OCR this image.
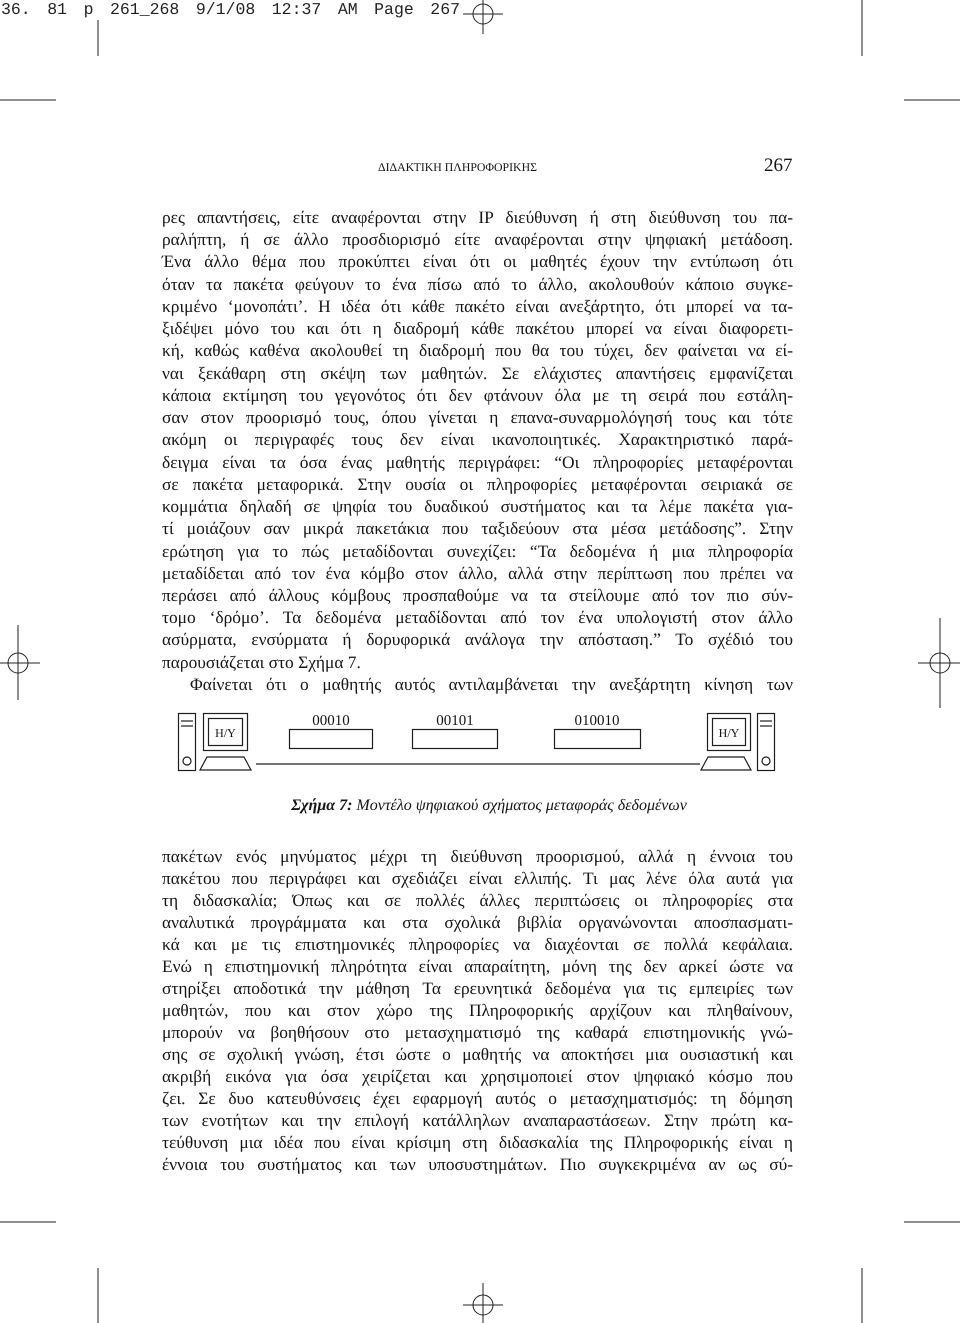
36. 81 p 261_268 9/1/08 12:37 AM Page 267
ΔΙΔΑΚΤΙΚΗ ΠΛΗΡΟΦΟΡΙΚΗΣ	267
ρες απαντήσεις, είτε αναφέρονται στην IP διεύθυνση ή στη διεύθυνση του πα-
ραλήπτη, ή σε άλλο προσδιορισμό είτε αναφέρονται στην ψηφιακή μετάδοση.
Ένα άλλο θέμα που προκύπτει είναι ότι οι μαθητές έχουν την εντύπωση ότι
όταν τα πακέτα φεύγουν το ένα πίσω από το άλλο, ακολουθούν κάποιο συγκε-
κριμένο ‘μονοπάτι’. Η ιδέα ότι κάθε πακέτο είναι ανεξάρτητο, ότι μπορεί να τα-
ξιδέψει μόνο του και ότι η διαδρομή κάθε πακέτου μπορεί να είναι διαφορετι-
κή, καθώς καθένα ακολουθεί τη διαδρομή που θα του τύχει, δεν φαίνεται να εί-
ναι ξεκάθαρη στη σκέψη των μαθητών. Σε ελάχιστες απαντήσεις εμφανίζεται
κάποια εκτίμηση του γεγονότος ότι δεν φτάνουν όλα με τη σειρά που εστάλη-
σαν στον προορισμό τους, όπου γίνεται η επανα-συναρμολόγησή τους και τότε
ακόμη οι περιγραφές τους δεν είναι ικανοποιητικές. Χαρακτηριστικό παρά-
δειγμα είναι τα όσα ένας μαθητής περιγράφει: “Οι πληροφορίες μεταφέρονται
σε πακέτα μεταφορικά. Στην ουσία οι πληροφορίες μεταφέρονται σειριακά σε
κομμάτια δηλαδή σε ψηφία του δυαδικού συστήματος και τα λέμε πακέτα για-
τί μοιάζουν σαν μικρά πακετάκια που ταξιδεύουν στα μέσα μετάδοσης”. Στην
ερώτηση για το πώς μεταδίδονται συνεχίζει: “Τα δεδομένα ή μια πληροφορία
μεταδίδεται από τον ένα κόμβο στον άλλο, αλλά στην περίπτωση που πρέπει να
περάσει από άλλους κόμβους προσπαθούμε να τα στείλουμε από τον πιο σύν-
τομο ‘δρόμο’. Τα δεδομένα μεταδίδονται από τον ένα υπολογιστή στον άλλο
ασύρματα, ενσύρματα ή δορυφορικά ανάλογα την απόσταση.” Το σχέδιό του
παρουσιάζεται στο Σχήμα 7.
Φαίνεται ότι ο μαθητής αυτός αντιλαμβάνεται την ανεξάρτητη κίνηση των
H/Y
00010	00101	010010
H/Y
Σχήμα 7: Μοντέλο ψηφιακού σχήματος μεταφοράς δεδομένων
πακέτων ενός μηνύματος μέχρι τη διεύθυνση προορισμού, αλλά η έννοια του
πακέτου που περιγράφει και σχεδιάζει είναι ελλιπής. Τι μας λένε όλα αυτά για
τη διδασκαλία; Όπως και σε πολλές άλλες περιπτώσεις οι πληροφορίες στα
αναλυτικά προγράμματα και στα σχολικά βιβλία οργανώνονται αποσπασματι-
κά και με τις επιστημονικές πληροφορίες να διαχέονται σε πολλά κεφάλαια.
Ενώ η επιστημονική πληρότητα είναι απαραίτητη, μόνη της δεν αρκεί ώστε να
στηρίξει αποδοτικά την μάθηση Τα ερευνητικά δεδομένα για τις εμπειρίες των
μαθητών, που και στον χώρο της Πληροφορικής αρχίζουν και πληθαίνουν,
μπορούν να βοηθήσουν στο μετασχηματισμό της καθαρά επιστημονικής γνώ-
σης σε σχολική γνώση, έτσι ώστε ο μαθητής να αποκτήσει μια ουσιαστική και
ακριβή εικόνα για όσα χειρίζεται και χρησιμοποιεί στον ψηφιακό κόσμο που
ζει. Σε δυο κατευθύνσεις έχει εφαρμογή αυτός ο μετασχηματισμός: τη δόμηση
των ενοτήτων και την επιλογή κατάλληλων αναπαραστάσεων. Στην πρώτη κα-
τεύθυνση μια ιδέα που είναι κρίσιμη στη διδασκαλία της Πληροφορικής είναι η
έννοια του συστήματος και των υποσυστημάτων. Πιο συγκεκριμένα αν ως σύ-
